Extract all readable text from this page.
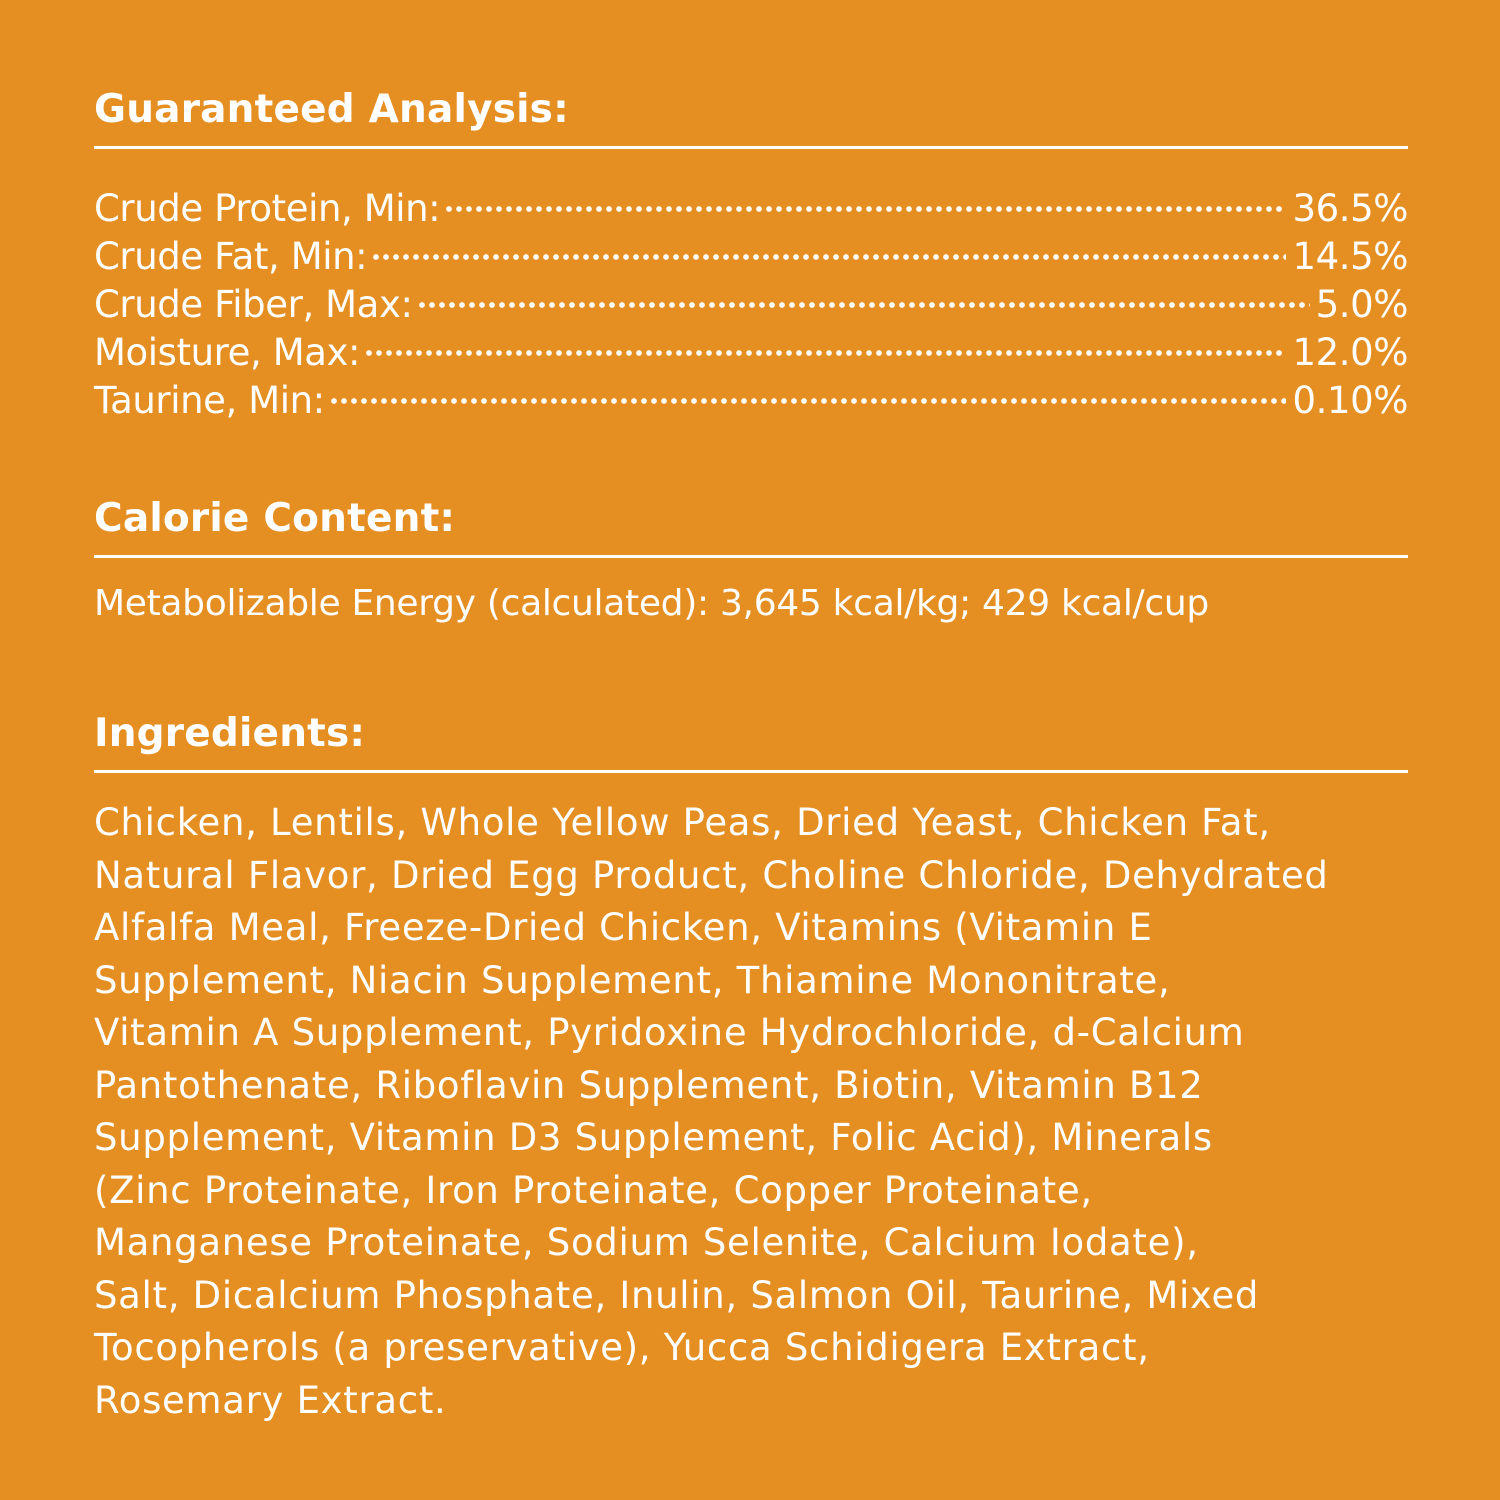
Guaranteed Analysis:
Crude Protein, Min:	36.5%
Crude Fat, Min:	14.5%
Crude Fiber, Max:	5.0%
Moisture, Max:	12.0%
Taurine, Min:	0.10%
Calorie Content:
Metabolizable Energy (calculated): 3,645 kcal/kg; 429 kcal/cup
Ingredients:
Chicken, Lentils, Whole Yellow Peas, Dried Yeast, Chicken Fat,
Natural Flavor, Dried Egg Product, Choline Chloride, Dehydrated
Alfalfa Meal, Freeze-Dried Chicken, Vitamins (Vitamin E
Supplement, Niacin Supplement, Thiamine Mononitrate,
Vitamin A Supplement, Pyridoxine Hydrochloride, d-Calcium
Pantothenate, Riboflavin Supplement, Biotin, Vitamin B12
Supplement, Vitamin D3 Supplement, Folic Acid), Minerals
(Zinc Proteinate, Iron Proteinate, Copper Proteinate,
Manganese Proteinate, Sodium Selenite, Calcium Iodate),
Salt, Dicalcium Phosphate, Inulin, Salmon Oil, Taurine, Mixed
Tocopherols (a preservative), Yucca Schidigera Extract,
Rosemary Extract.
